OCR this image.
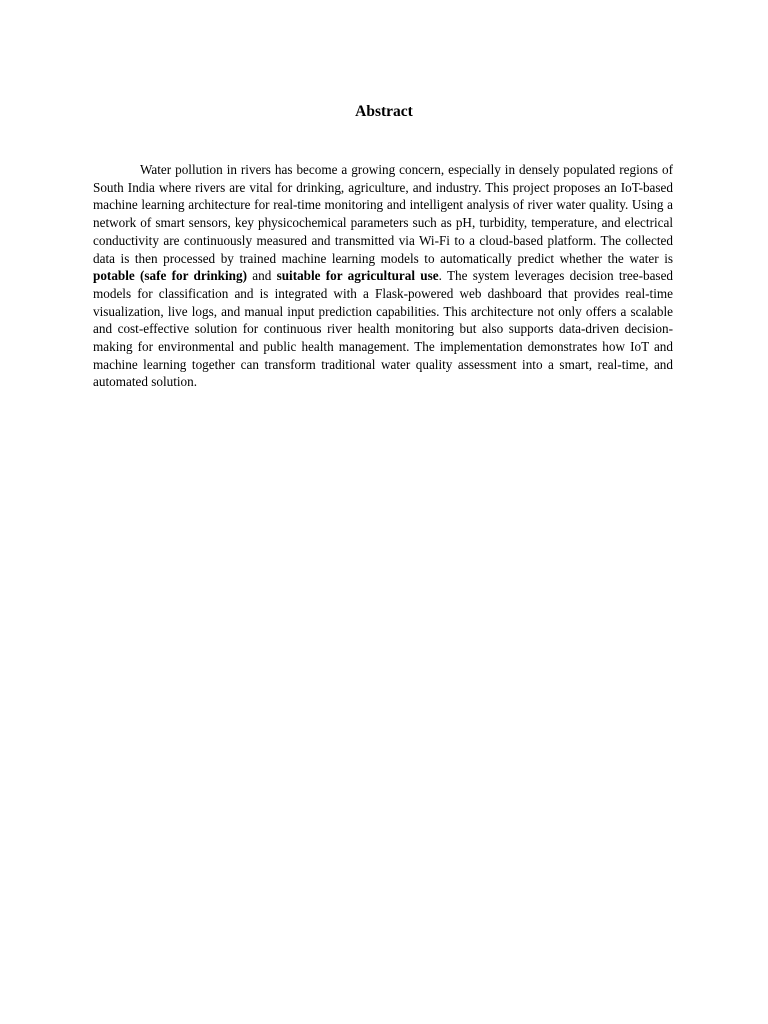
Abstract

Water pollution in rivers has become a growing concern, especially in densely populated regions of South India where rivers are vital for drinking, agriculture, and industry. This project proposes an IoT-based machine learning architecture for real-time monitoring and intelligent analysis of river water quality. Using a network of smart sensors, key physicochemical parameters such as pH, turbidity, temperature, and electrical conductivity are continuously measured and transmitted via Wi-Fi to a cloud-based platform. The collected data is then processed by trained machine learning models to automatically predict whether the water is potable (safe for drinking) and suitable for agricultural use. The system leverages decision tree-based models for classification and is integrated with a Flask-powered web dashboard that provides real-time visualization, live logs, and manual input prediction capabilities. This architecture not only offers a scalable and cost-effective solution for continuous river health monitoring but also supports data-driven decision-making for environmental and public health management. The implementation demonstrates how IoT and machine learning together can transform traditional water quality assessment into a smart, real-time, and automated solution.
